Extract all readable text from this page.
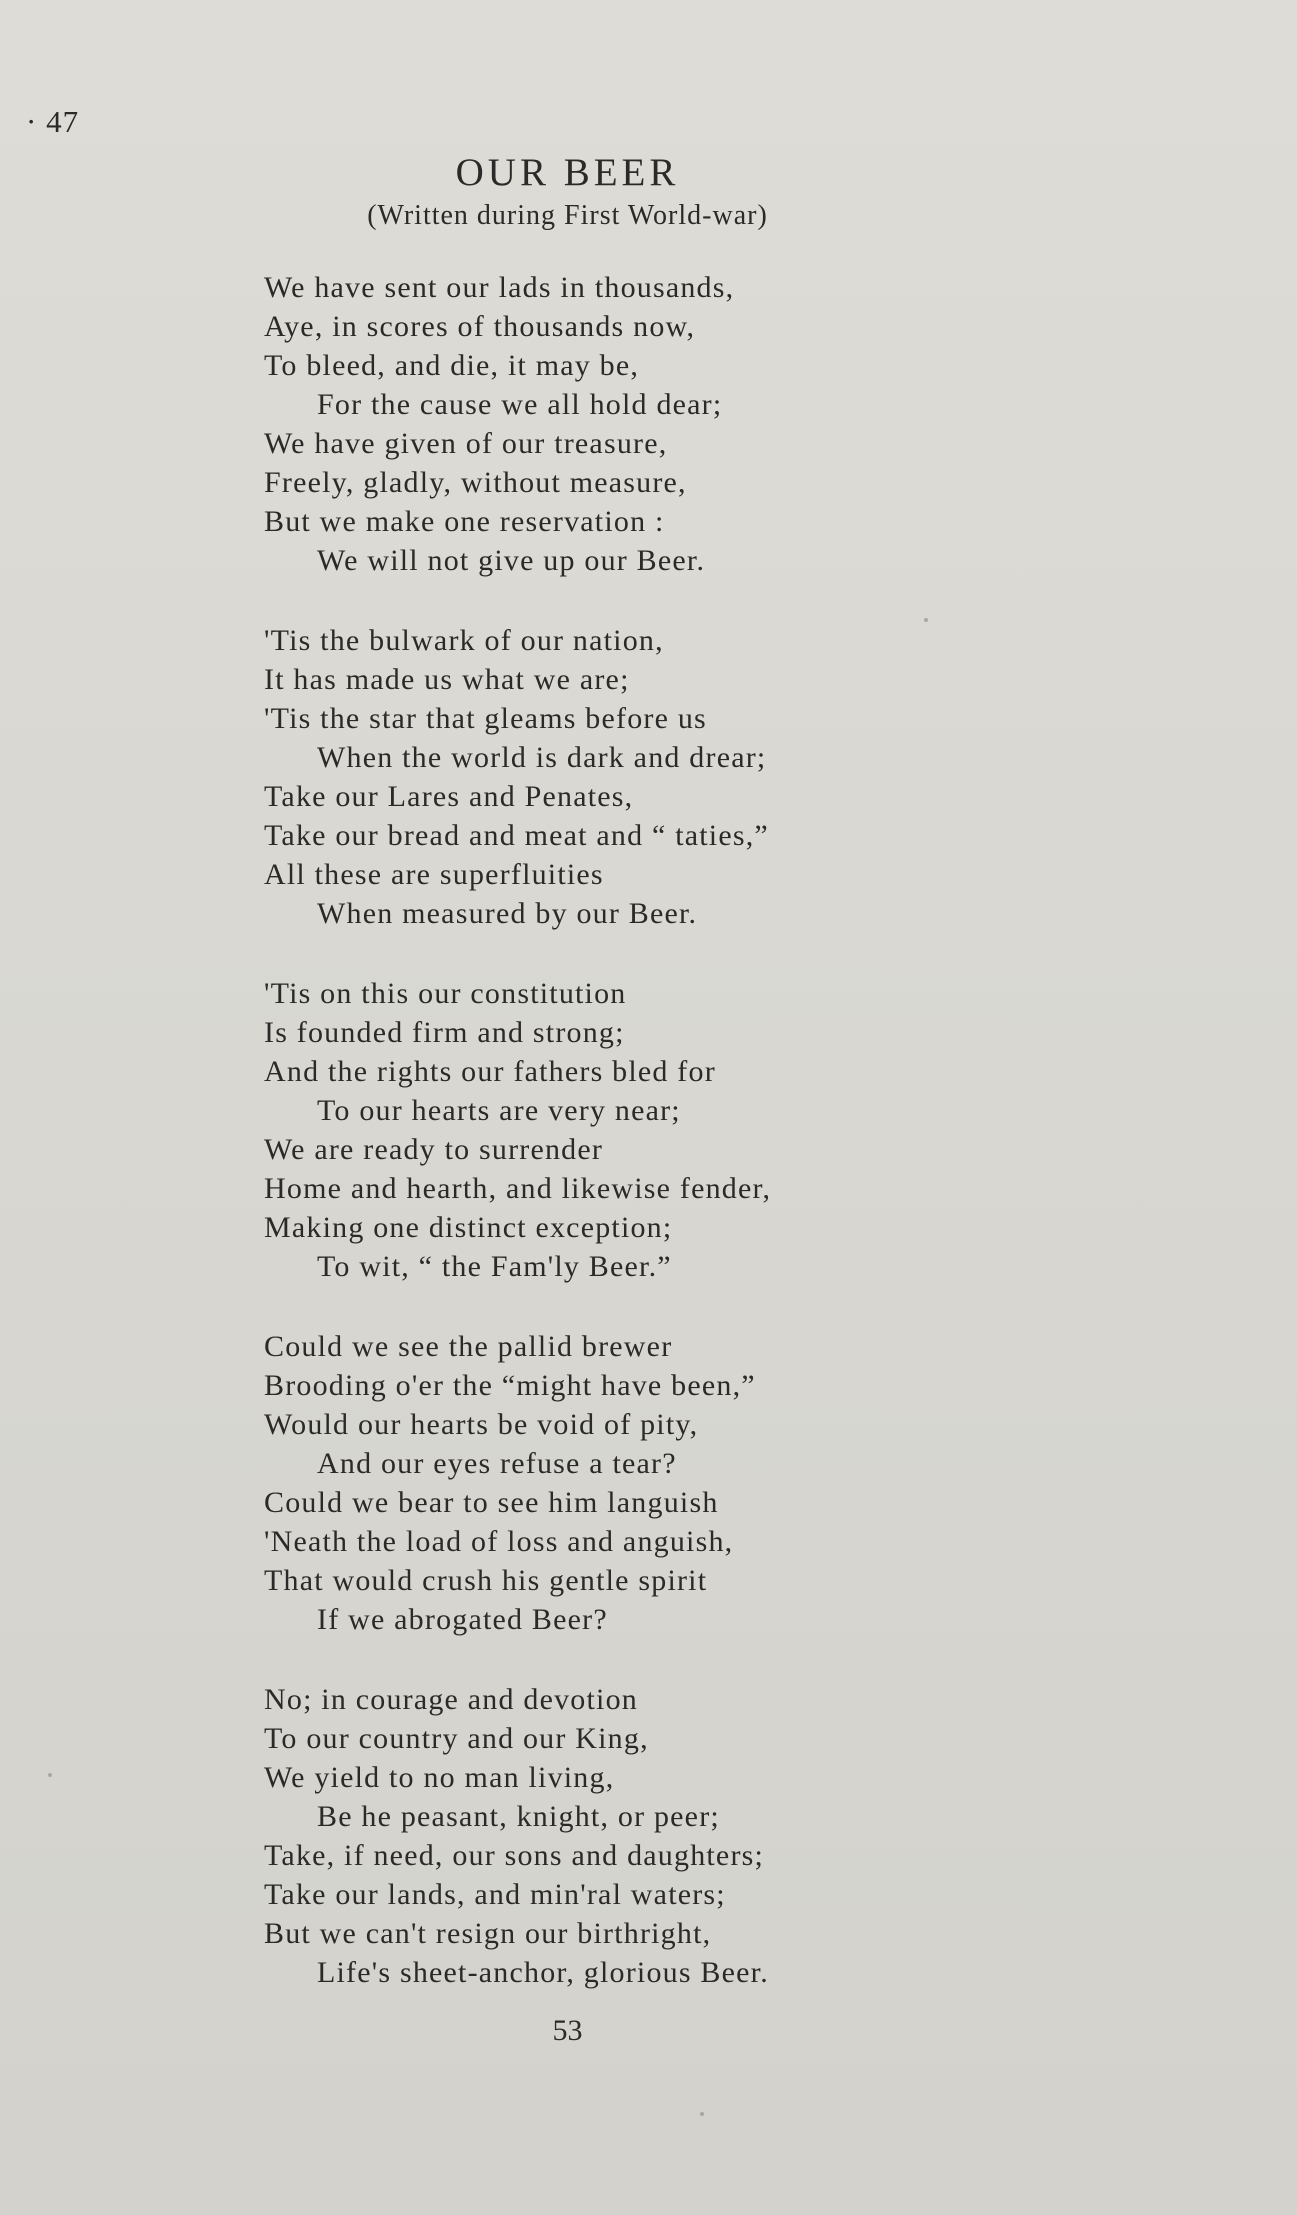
· 47
OUR BEER
(Written during First World-war)
We have sent our lads in thousands,
Aye, in scores of thousands now,
To bleed, and die, it may be,
For the cause we all hold dear;
We have given of our treasure,
Freely, gladly, without measure,
But we make one reservation :
We will not give up our Beer.
'Tis the bulwark of our nation,
It has made us what we are;
'Tis the star that gleams before us
When the world is dark and drear;
Take our Lares and Penates,
Take our bread and meat and “ taties,”
All these are superfluities
When measured by our Beer.
'Tis on this our constitution
Is founded firm and strong;
And the rights our fathers bled for
To our hearts are very near;
We are ready to surrender
Home and hearth, and likewise fender,
Making one distinct exception;
To wit, “ the Fam'ly Beer.”
Could we see the pallid brewer
Brooding o'er the “might have been,”
Would our hearts be void of pity,
And our eyes refuse a tear?
Could we bear to see him languish
'Neath the load of loss and anguish,
That would crush his gentle spirit
If we abrogated Beer?
No; in courage and devotion
To our country and our King,
We yield to no man living,
Be he peasant, knight, or peer;
Take, if need, our sons and daughters;
Take our lands, and min'ral waters;
But we can't resign our birthright,
Life's sheet-anchor, glorious Beer.
53
